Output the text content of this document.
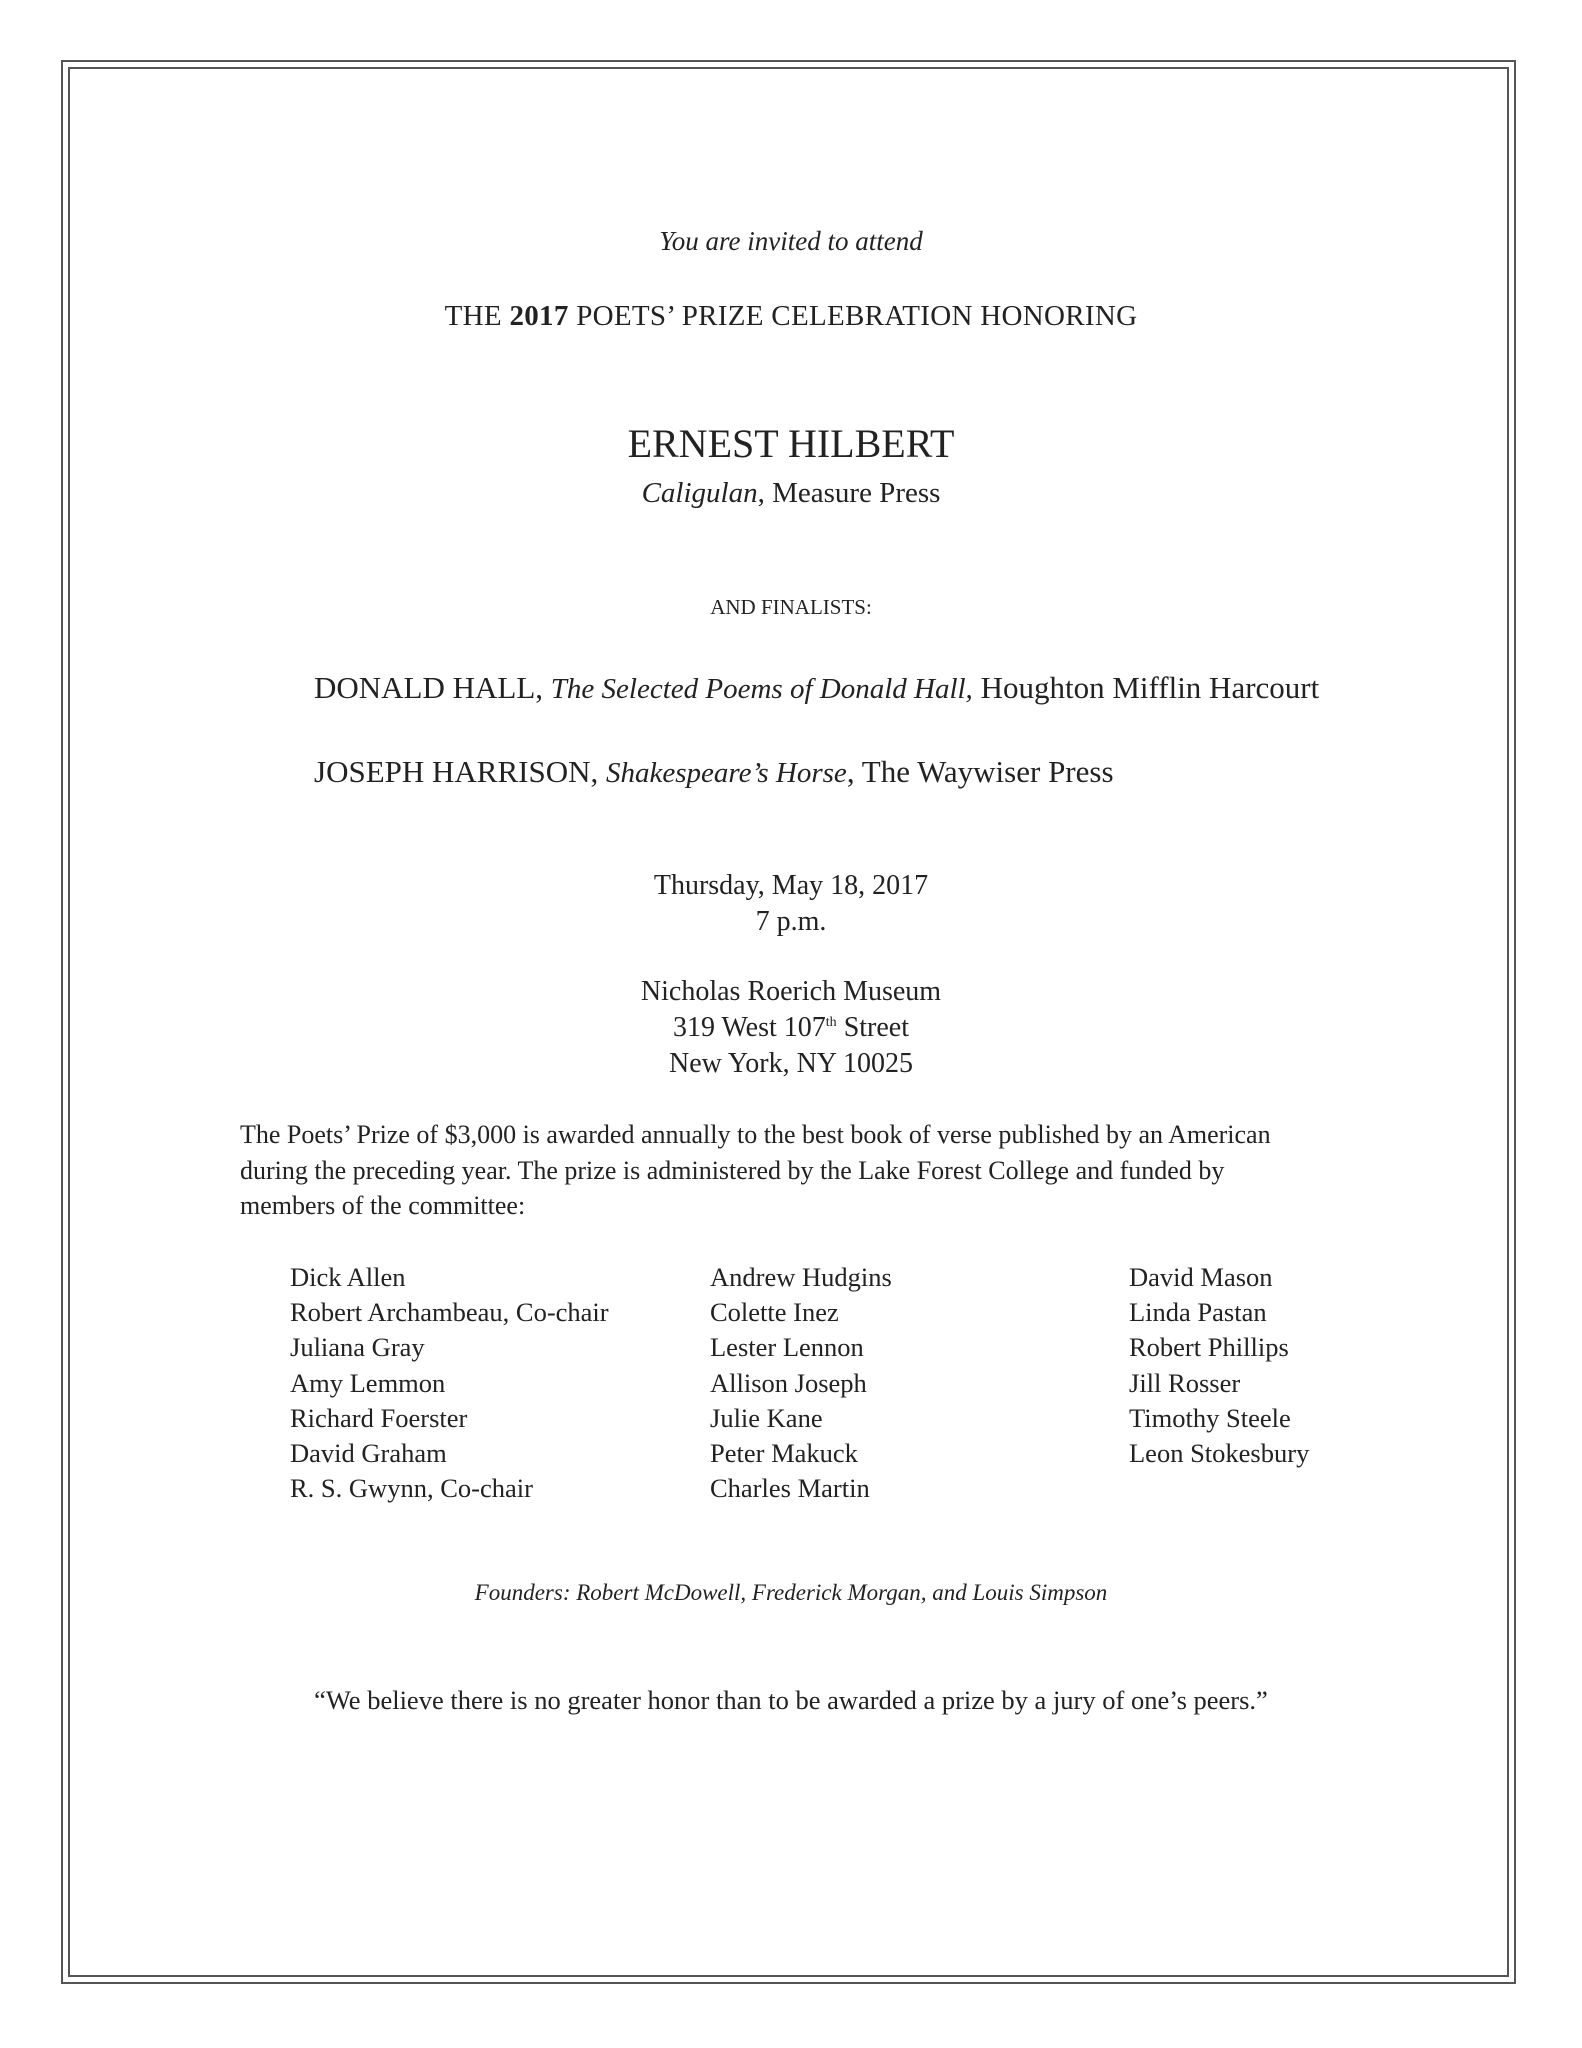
You are invited to attend
THE 2017 POETS’ PRIZE CELEBRATION HONORING
ERNEST HILBERT
Caligulan, Measure Press
AND FINALISTS:
DONALD HALL, The Selected Poems of Donald Hall, Houghton Mifflin Harcourt
JOSEPH HARRISON, Shakespeare’s Horse, The Waywiser Press
Thursday, May 18, 2017
7 p.m.
Nicholas Roerich Museum
319 West 107th Street
New York, NY 10025
The Poets’ Prize of $3,000 is awarded annually to the best book of verse published by an American during the preceding year. The prize is administered by the Lake Forest College and funded by members of the committee:
Dick Allen
Robert Archambeau, Co-chair
Juliana Gray
Amy Lemmon
Richard Foerster
David Graham
R. S. Gwynn, Co-chair
Andrew Hudgins
Colette Inez
Lester Lennon
Allison Joseph
Julie Kane
Peter Makuck
Charles Martin
David Mason
Linda Pastan
Robert Phillips
Jill Rosser
Timothy Steele
Leon Stokesbury
Founders: Robert McDowell, Frederick Morgan, and Louis Simpson
“We believe there is no greater honor than to be awarded a prize by a jury of one’s peers.”
